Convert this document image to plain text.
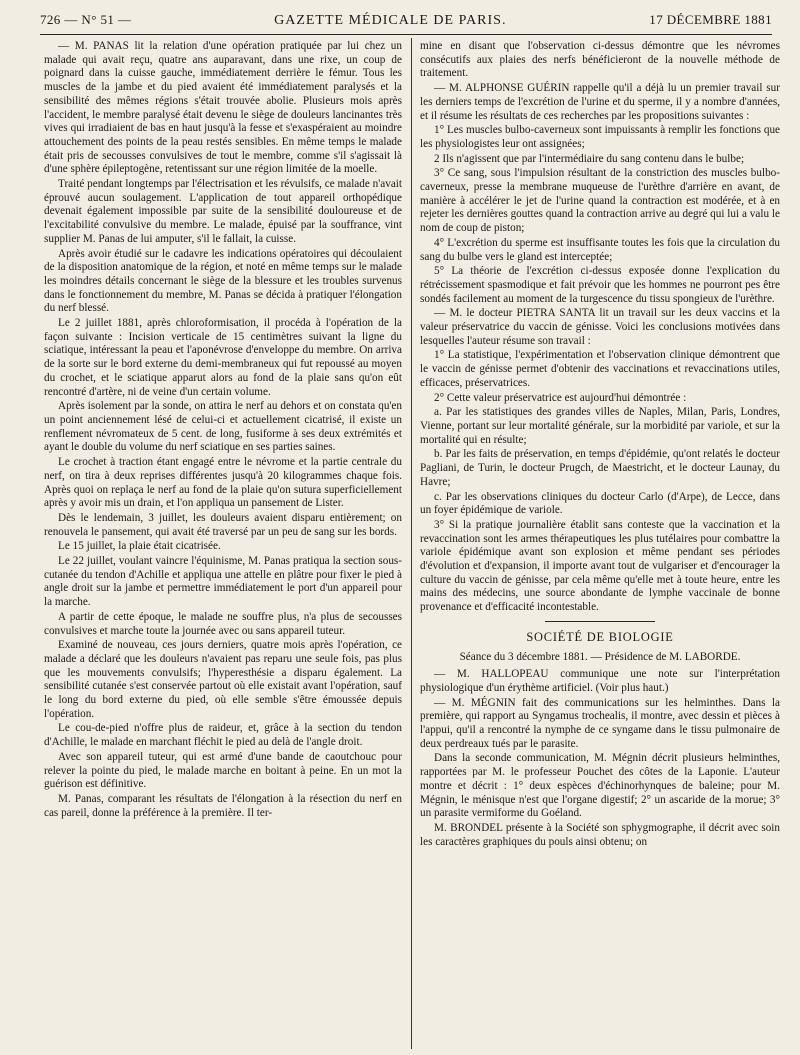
726 — N° 51 —	GAZETTE MÉDICALE DE PARIS.	17 DÉCEMBRE 1881

— M. PANAS lit la relation d'une opération pratiquée par lui chez un malade qui avait reçu, quatre ans auparavant, dans une rixe, un coup de poignard dans la cuisse gauche, immédiatement derrière le fémur. Tous les muscles de la jambe et du pied avaient été immédiatement paralysés et la sensibilité des mêmes régions s'était trouvée abolie. Plusieurs mois après l'accident, le membre paralysé était devenu le siège de douleurs lancinantes très vives qui irradiaient de bas en haut jusqu'à la fesse et s'exaspéraient au moindre attouchement des points de la peau restés sensibles. En même temps le malade était pris de secousses convulsives de tout le membre, comme s'il s'agissait là d'une sphère épileptogène, retentissant sur une région limitée de la moelle.

Traité pendant longtemps par l'électrisation et les révulsifs, ce malade n'avait éprouvé aucun soulagement. L'application de tout appareil orthopédique devenait également impossible par suite de la sensibilité douloureuse et de l'excitabilité convulsive du membre. Le malade, épuisé par la souffrance, vint supplier M. Panas de lui amputer, s'il le fallait, la cuisse.

Après avoir étudié sur le cadavre les indications opératoires qui découlaient de la disposition anatomique de la région, et noté en même temps sur le malade les moindres détails concernant le siège de la blessure et les troubles survenus dans le fonctionnement du membre, M. Panas se décida à pratiquer l'élongation du nerf blessé.

Le 2 juillet 1881, après chloroformisation, il procéda à l'opération de la façon suivante : Incision verticale de 15 centimètres suivant la ligne du sciatique, intéressant la peau et l'aponévrose d'enveloppe du membre. On arriva de la sorte sur le bord externe du demi-membraneux qui fut repoussé au moyen du crochet, et le sciatique apparut alors au fond de la plaie sans qu'on eût rencontré d'artère, ni de veine d'un certain volume.

Après isolement par la sonde, on attira le nerf au dehors et on constata qu'en un point anciennement lésé de celui-ci et actuellement cicatrisé, il existe un renflement névromateux de 5 cent. de long, fusiforme à ses deux extrémités et ayant le double du volume du nerf sciatique en ses parties saines.

Le crochet à traction étant engagé entre le névrome et la partie centrale du nerf, on tira à deux reprises différentes jusqu'à 20 kilogrammes chaque fois. Après quoi on replaça le nerf au fond de la plaie qu'on sutura superficiellement après y avoir mis un drain, et l'on appliqua un pansement de Lister.

Dès le lendemain, 3 juillet, les douleurs avaient disparu entièrement; on renouvela le pansement, qui avait été traversé par un peu de sang sur les bords.

Le 15 juillet, la plaie était cicatrisée.

Le 22 juillet, voulant vaincre l'équinisme, M. Panas pratiqua la section sous-cutanée du tendon d'Achille et appliqua une attelle en plâtre pour fixer le pied à angle droit sur la jambe et permettre immédiatement le port d'un appareil pour la marche.

A partir de cette époque, le malade ne souffre plus, n'a plus de secousses convulsives et marche toute la journée avec ou sans appareil tuteur.

Examiné de nouveau, ces jours derniers, quatre mois après l'opération, ce malade a déclaré que les douleurs n'avaient pas reparu une seule fois, pas plus que les mouvements convulsifs; l'hyperesthésie a disparu également. La sensibilité cutanée s'est conservée partout où elle existait avant l'opération, sauf le long du bord externe du pied, où elle semble s'être émoussée depuis l'opération.

Le cou-de-pied n'offre plus de raideur, et, grâce à la section du tendon d'Achille, le malade en marchant fléchit le pied au delà de l'angle droit.

Avec son appareil tuteur, qui est armé d'une bande de caoutchouc pour relever la pointe du pied, le malade marche en boitant à peine. En un mot la guérison est définitive.

M. Panas, comparant les résultats de l'élongation à la résection du nerf en cas pareil, donne la préférence à la première. Il ter-

mine en disant que l'observation ci-dessus démontre que les névromes consécutifs aux plaies des nerfs bénéficieront de la nouvelle méthode de traitement.

— M. ALPHONSE GUÉRIN rappelle qu'il a déjà lu un premier travail sur les derniers temps de l'excrétion de l'urine et du sperme, il y a nombre d'années, et il résume les résultats de ces recherches par les propositions suivantes :

1° Les muscles bulbo-caverneux sont impuissants à remplir les fonctions que les physiologistes leur ont assignées;

2 Ils n'agissent que par l'intermédiaire du sang contenu dans le bulbe;

3° Ce sang, sous l'impulsion résultant de la constriction des muscles bulbo-caverneux, presse la membrane muqueuse de l'urèthre d'arrière en avant, de manière à accélérer le jet de l'urine quand la contraction est modérée, et à en rejeter les dernières gouttes quand la contraction arrive au degré qui lui a valu le nom de coup de piston;

4° L'excrétion du sperme est insuffisante toutes les fois que la circulation du sang du bulbe vers le gland est interceptée;

5° La théorie de l'excrétion ci-dessus exposée donne l'explication du rétrécissement spasmodique et fait prévoir que les hommes ne pourront pes être sondés facilement au moment de la turgescence du tissu spongieux de l'urèthre.

— M. le docteur PIETRA SANTA lit un travail sur les deux vaccins et la valeur préservatrice du vaccin de génisse. Voici les conclusions motivées dans lesquelles l'auteur résume son travail :

1° La statistique, l'expérimentation et l'observation clinique démontrent que le vaccin de génisse permet d'obtenir des vaccinations et revaccinations utiles, efficaces, préservatrices.

2° Cette valeur préservatrice est aujourd'hui démontrée :

a. Par les statistiques des grandes villes de Naples, Milan, Paris, Londres, Vienne, portant sur leur mortalité générale, sur la morbidité par variole, et sur la mortalité qui en résulte;

b. Par les faits de préservation, en temps d'épidémie, qu'ont relatés le docteur Pagliani, de Turin, le docteur Prugch, de Maestricht, et le docteur Launay, du Havre;

c. Par les observations cliniques du docteur Carlo (d'Arpe), de Lecce, dans un foyer épidémique de variole.

3° Si la pratique journalière établit sans conteste que la vaccination et la revaccination sont les armes thérapeutiques les plus tutélaires pour combattre la variole épidémique avant son explosion et même pendant ses périodes d'évolution et d'expansion, il importe avant tout de vulgariser et d'encourager la culture du vaccin de génisse, par cela même qu'elle met à toute heure, entre les mains des médecins, une source abondante de lymphe vaccinale de bonne provenance et d'efficacité incontestable.

SOCIÉTÉ DE BIOLOGIE

Séance du 3 décembre 1881. — Présidence de M. LABORDE.

— M. HALLOPEAU communique une note sur l'interprétation physiologique d'un érythème artificiel. (Voir plus haut.)

— M. MÉGNIN fait des communications sur les helminthes. Dans la première, qui rapport au Syngamus trochealis, il montre, avec dessin et pièces à l'appui, qu'il a rencontré la nymphe de ce syngame dans le tissu pulmonaire de deux perdreaux tués par le parasite.

Dans la seconde communication, M. Mégnin décrit plusieurs helminthes, rapportées par M. le professeur Pouchet des côtes de la Laponie. L'auteur montre et décrit : 1° deux espèces d'échinorhynques de baleine; pour M. Mégnin, le ménisque n'est que l'organe digestif; 2° un ascaride de la morue; 3° un parasite vermiforme du Goéland.

M. BRONDEL présente à la Société son sphygmographe, il décrit avec soin les caractères graphiques du pouls ainsi obtenu; on
